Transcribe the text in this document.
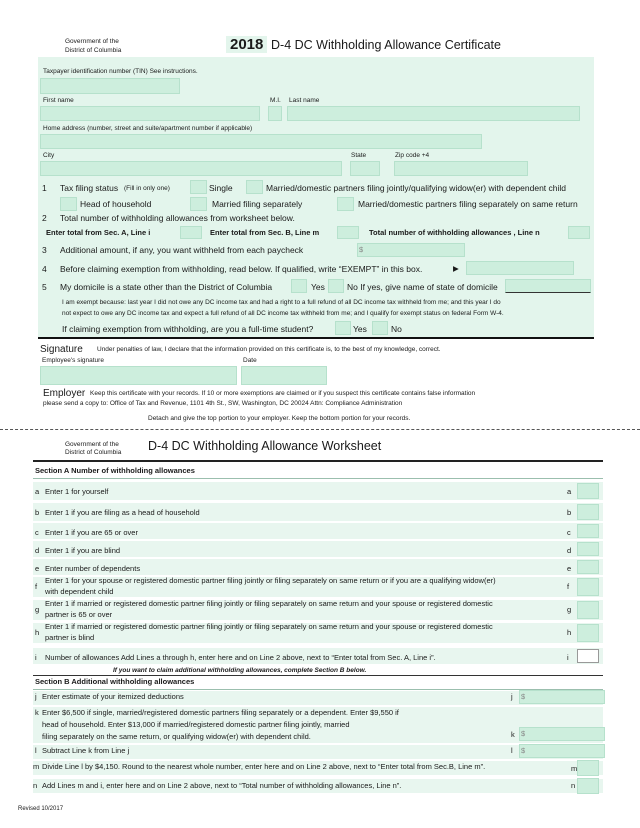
Government of the
District of Columbia	2018 D-4 DC Withholding Allowance Certificate
Taxpayer identification number (TIN) See instructions.
First name	M.I. Last name
Home address (number, street and suite/apartment number if applicable)
City	State	Zip code +4
1 Tax filing status (Fill in only one)	Single	Married/domestic partners filing jointly/qualifying widow(er) with dependent child
Head of household	Married filing separately	Married/domestic partners filing separately on same return
2 Total number of withholding allowances from worksheet below.
Enter total from Sec. A, Line i	Enter total from Sec. B, Line m	Total number of withholding allowances , Line n
3 Additional amount, if any, you want withheld from each paycheck	$
4 Before claiming exemption from withholding, read below. If qualified, write “EXEMPT” in this box.	▶
5 My domicile is a state other than the District of Columbia	Yes	No If yes, give name of state of domicile
I am exempt because: last year I did not owe any DC income tax and had a right to a full refund of all DC income tax withheld from me; and this year I do
not expect to owe any DC income tax and expect a full refund of all DC income tax withheld from me; and I qualify for exempt status on federal Form W-4.
If claiming exemption from withholding, are you a full-time student?	Yes	No
Signature Under penalties of law, I declare that the information provided on this certificate is, to the best of my knowledge, correct.
Employee's signature	Date
Employer Keep this certificate with your records. If 10 or more exemptions are claimed or if you suspect this certificate contains false information
please send a copy to: Office of Tax and Revenue, 1101 4th St., SW, Washington, DC 20024 Attn: Compliance Administration
Detach and give the top portion to your employer. Keep the bottom portion for your records.
Government of the
District of Columbia D-4 DC Withholding Allowance Worksheet
Section A Number of withholding allowances
a Enter 1 for yourself	a
b Enter 1 if you are filing as a head of household	b
c Enter 1 if you are 65 or over	c
d Enter 1 if you are blind	d
e Enter number of dependents	e
f
Enter 1 for your spouse or registered domestic partner filing jointly or filing separately on same return or if you are a qualifying widow(er)
with dependent child
f
g
Enter 1 if married or registered domestic partner filing jointly or filing separately on same return and your spouse or registered domestic
partner is 65 or over
g
h
Enter 1 if married or registered domestic partner filing jointly or filing separately on same return and your spouse or registered domestic
partner is blind
h
i Number of allowances Add Lines a through h, enter here and on Line 2 above, next to “Enter total from Sec. A, Line i”.	i
If you want to claim additional withholding allowances, complete Section B below.
Section B Additional withholding allowances
j Enter estimate of your itemized deductions	j $
k Enter $6,500 if single, married/registered domestic partners filing separately or a dependent. Enter $9,550 if
head of household. Enter $13,000 if married/registered domestic partner filing jointly, married
filing separately on the same return, or qualifying widow(er) with dependent child.	k $
l Subtract Line k from Line j	l $
m Divide Line l by $4,150. Round to the nearest whole number, enter here and on Line 2 above, next to “Enter total from Sec.B, Line m”.	m
n Add Lines m and i, enter here and on Line 2 above, next to “Total number of withholding allowances, Line n”.	n
Revised 10/2017
